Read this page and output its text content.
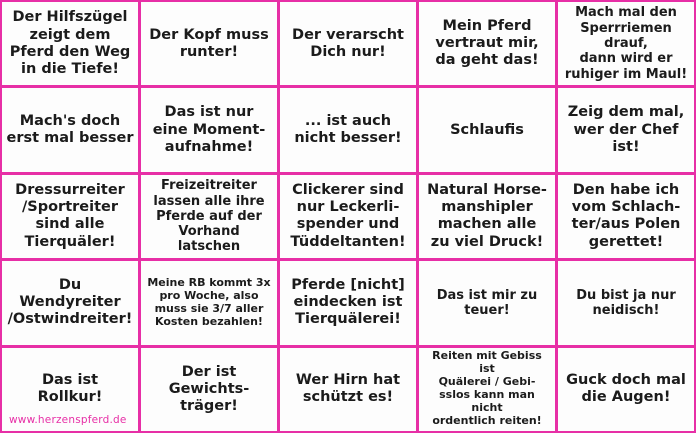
Der Hilfszügel
zeigt dem
Pferd den Weg
in die Tiefe!
Der Kopf muss
runter!
Der verarscht
Dich nur!
Mein Pferd
vertraut mir,
da geht das!
Mach mal den
Sperrriemen drauf,
dann wird er
ruhiger im Maul!
Mach's doch
erst mal besser
Das ist nur
eine Moment-
aufnahme!
... ist auch
nicht besser!
Schlaufis
Zeig dem mal,
wer der Chef
ist!
Dressurreiter
/Sportreiter
sind alle
Tierquäler!
Freizeitreiter
lassen alle ihre
Pferde auf der
Vorhand latschen
Clickerer sind
nur Leckerli-
spender und
Tüddeltanten!
Natural Horse-
manshipler
machen alle
zu viel Druck!
Den habe ich
vom Schlach-
ter/aus Polen
gerettet!
Du
Wendyreiter
/Ostwindreiter!
Meine RB kommt 3x
pro Woche, also
muss sie 3/7 aller
Kosten bezahlen!
Pferde [nicht]
eindecken ist
Tierquälerei!
Das ist mir zu
teuer!
Du bist ja nur
neidisch!
Das ist
Rollkur!
www.herzenspferd.de
Der ist
Gewichts-
träger!
Wer Hirn hat
schützt es!
Reiten mit Gebiss ist
Quälerei / Gebi-
sslos kann man nicht
ordentlich reiten!
Guck doch mal
die Augen!
